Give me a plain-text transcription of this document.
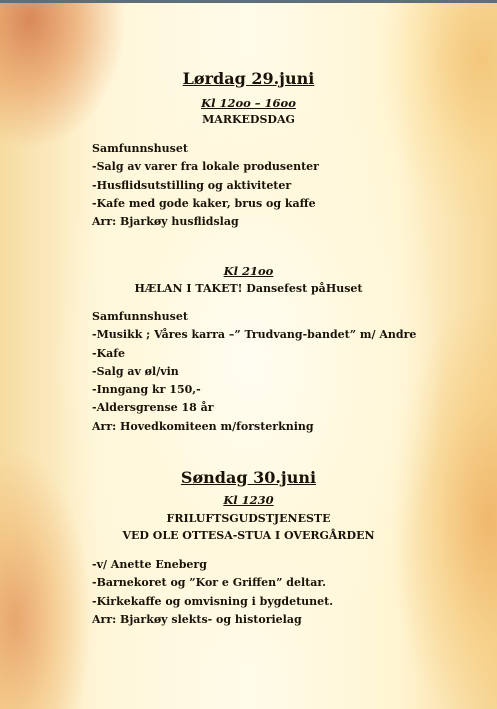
Lørdag 29.juni
Kl 12oo – 16oo
MARKEDSDAG
Samfunnshuset
-Salg av varer fra lokale produsenter
-Husflidsutstilling og aktiviteter
-Kafe med gode kaker, brus og kaffe
Arr: Bjarkøy husflidslag
Kl 21oo
HÆLAN I TAKET! Dansefest påHuset
Samfunnshuset
-Musikk ; Våres karra –” Trudvang-bandet” m/ Andre
-Kafe
-Salg av øl/vin
-Inngang kr 150,-
-Aldersgrense 18 år
Arr: Hovedkomiteen m/forsterkning
Søndag 30.juni
Kl 1230
FRILUFTSGUDSTJENESTE
VED OLE OTTESA-STUA I OVERGÅRDEN
-v/ Anette Eneberg
-Barnekoret og ”Kor e Griffen” deltar.
-Kirkekaffe og omvisning i bygdetunet.
Arr: Bjarkøy slekts- og historielag
